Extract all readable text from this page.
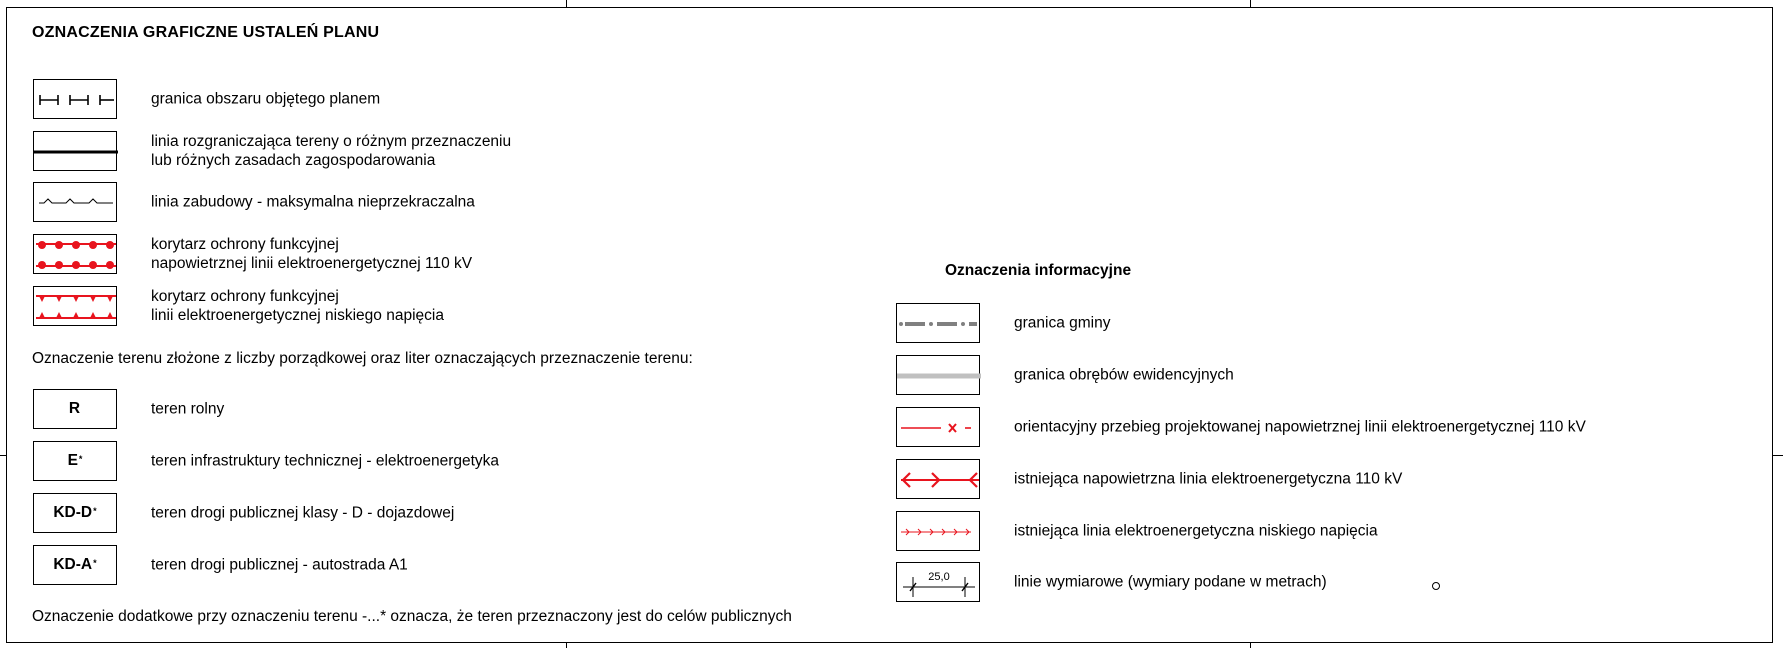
OZNACZENIA GRAFICZNE USTALEŃ PLANU
granica obszaru objętego planem
linia rozgraniczająca tereny o różnym przeznaczeniu
lub różnych zasadach zagospodarowania
linia zabudowy - maksymalna nieprzekraczalna
korytarz ochrony funkcyjnej
napowietrznej linii elektroenergetycznej 110 kV
korytarz ochrony funkcyjnej
linii elektroenergetycznej niskiego napięcia
Oznaczenie terenu złożone z liczby porządkowej oraz liter oznaczających przeznaczenie terenu:
R	teren rolny
E*	teren infrastruktury technicznej - elektroenergetyka
KD-D*	teren drogi publicznej klasy - D - dojazdowej
KD-A*	teren drogi publicznej - autostrada A1
Oznaczenie dodatkowe przy oznaczeniu terenu -...* oznacza, że teren przeznaczony jest do celów publicznych
Oznaczenia informacyjne
granica gminy
granica obrębów ewidencyjnych
orientacyjny przebieg projektowanej napowietrznej linii elektroenergetycznej 110 kV
istniejąca napowietrzna linia elektroenergetyczna 110 kV
istniejąca linia elektroenergetyczna niskiego napięcia
25,0	linie wymiarowe (wymiary podane w metrach)
